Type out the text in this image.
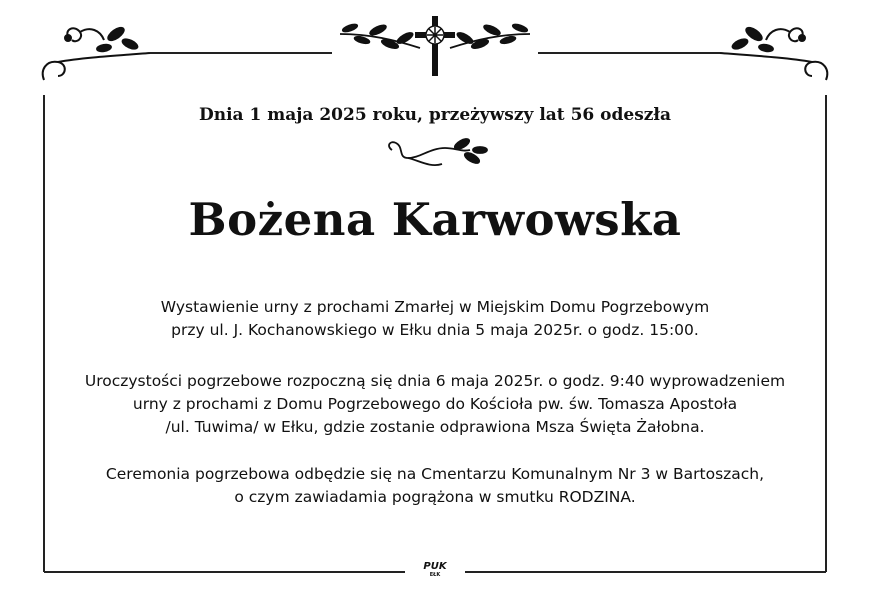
Dnia 1 maja 2025 roku, przeżywszy lat 56 odeszła
Bożena Karwowska
Wystawienie urny z prochami Zmarłej w Miejskim Domu Pogrzebowym
przy ul. J. Kochanowskiego w Ełku dnia 5 maja 2025r. o godz. 15:00.
Uroczystości pogrzebowe rozpoczną się dnia 6 maja 2025r. o godz. 9:40 wyprowadzeniem
urny z prochami z Domu Pogrzebowego do Kościoła pw. św. Tomasza Apostoła
/ul. Tuwima/ w Ełku, gdzie zostanie odprawiona Msza Święta Żałobna.
Ceremonia pogrzebowa odbędzie się na Cmentarzu Komunalnym Nr 3 w Bartoszach,
o czym zawiadamia pogrążona w smutku RODZINA.
PUK
EŁK
